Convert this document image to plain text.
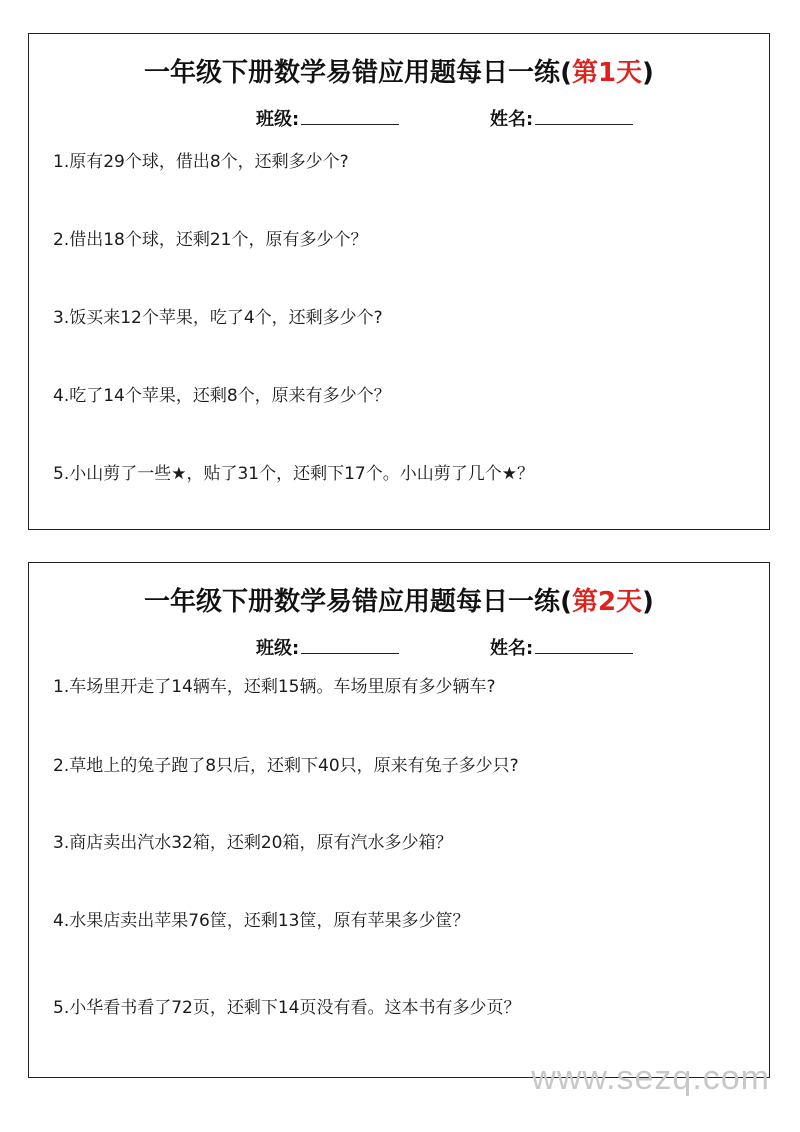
一年级下册数学易错应用题每日一练(第1天)
班级:	姓名:
1.原有29个球，借出8个，还剩多少个?
2.借出18个球，还剩21个，原有多少个？
3.饭买来12个苹果，吃了4个，还剩多少个?
4.吃了14个苹果，还剩8个，原来有多少个？
5.小山剪了一些★，贴了31个，还剩下17个。小山剪了几个★？
一年级下册数学易错应用题每日一练(第2天)
班级:	姓名:
1.车场里开走了14辆车，还剩15辆。车场里原有多少辆车?
2.草地上的兔子跑了8只后，还剩下40只，原来有兔子多少只?
3.商店卖出汽水32箱，还剩20箱，原有汽水多少箱？
4.水果店卖出苹果76筐，还剩13筐，原有苹果多少筐？
5.小华看书看了72页，还剩下14页没有看。这本书有多少页？
www.sezq.com
